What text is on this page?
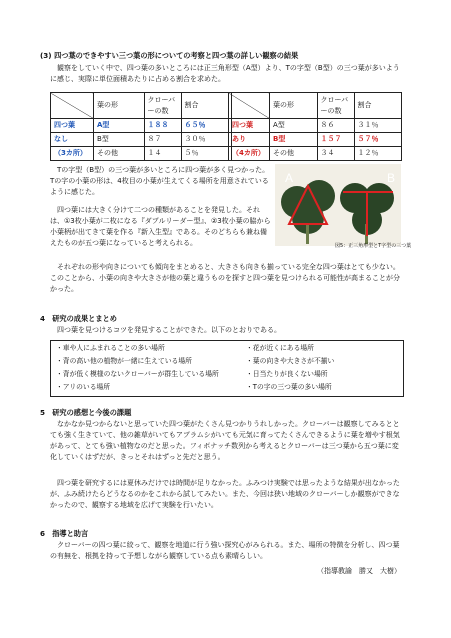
(3) 四つ葉のできやすい三つ葉の形についての考察と四つ葉の詳しい観察の結果

観察をしていく中で、四つ葉の多いところには正三角形型（A型）より、Tの字型（B型）の三つ葉が多いように感じ、実際に単位面積あたりに占める割合を求めた。

	葉の形	クローバーの数	割合
四つ葉	A型	１８８	６５％
なし	B型	８７	３０％
（3カ所）	その他	１４	５％
	葉の形	クローバーの数	割合
四つ葉	A型	８６	３１％
あり	B型	１５７	５７％
（4カ所）	その他	３４	１２％

Tの字型（B型）の三つ葉が多いところに四つ葉が多く見つかった。Tの字の小葉の形は、4枚目の小葉が生えてくる場所を用意されているように感じた。

四つ葉には大きく分けて二つの種類があることを発見した。それは、①3枚小葉が二枚になる『ダブルリーダー型』、②3枚小葉の脇から小葉柄が出てきて葉を作る『新入生型』である。そのどちらも兼ね備えたものが五つ葉になっていると考えられる。

A	B
図5：正三角形型とT字型の三つ葉

それぞれの形や向きについても傾向をまとめると、大きさも向きも揃っている完全な四つ葉はとても少ない。このことから、小葉の向きや大きさが他の葉と違うものを探すと四つ葉を見つけられる可能性が高まることが分かった。

4　研究の成果とまとめ

四つ葉を見つけるコツを発見することができた。以下のとおりである。

・車や人にふまれることの多い場所	・花が近くにある場所
・背の高い他の植物が一緒に生えている場所	・葉の向きや大きさが不揃い
・背が低く模様のないクローバーが群生している場所	・日当たりが良くない場所
・アリのいる場所	・Tの字の三つ葉の多い場所
5　研究の感想と今後の課題

なかなか見つからないと思っていた四つ葉がたくさん見つかりうれしかった。クローバーは観察してみるととても強く生きていて、他の雑草がいてもアブラムシがいても元気に育ってたくさんできるように葉を増やす根気があって、とても強い植物なのだと思った。フィボナッチ数列から考えるとクローバーは三つ葉から五つ葉に変化していくはずだが、きっとそれはずっと先だと思う。

四つ葉を研究するには夏休みだけでは時間が足りなかった。ふみつけ実験では思ったような結果が出なかったが、ふみ続けたらどうなるのかをこれから試してみたい。また、今回は狭い地域のクローバーしか観察ができなかったので、観察する地域を広げて実験を行いたい。

6　指導と助言

クローバーの四つ葉に絞って、観察を地道に行う強い探究心がみられる。また、場所の特徴を分析し、四つ葉の有無を、根拠を持って予想しながら観察している点も素晴らしい。

（指導教諭　勝又　大樹）
